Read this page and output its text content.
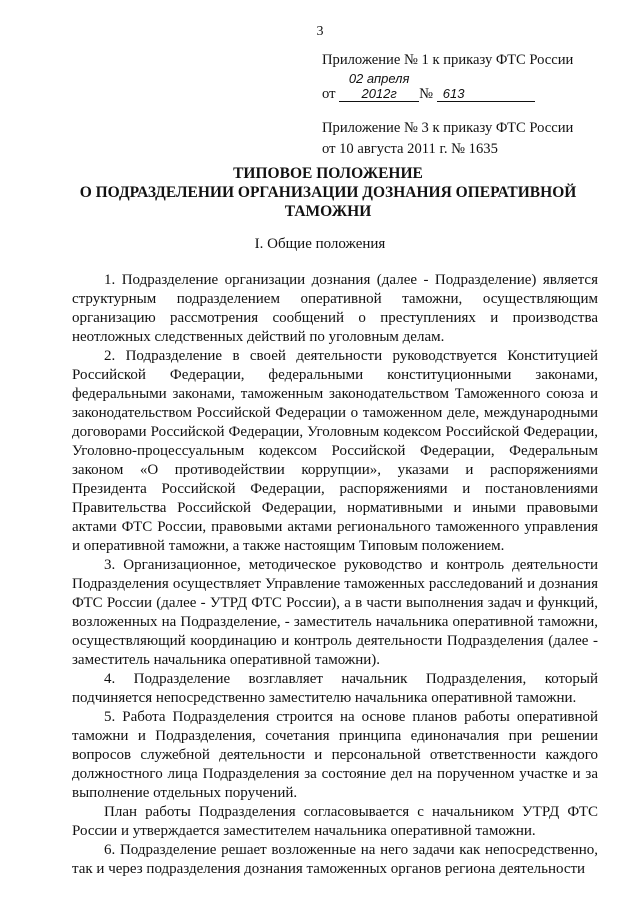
3
Приложение № 1 к приказу ФТС России
от 02 апреля 2012г № 613
Приложение № 3 к приказу ФТС России
от 10 августа 2011 г. № 1635
ТИПОВОЕ ПОЛОЖЕНИЕ
О ПОДРАЗДЕЛЕНИИ ОРГАНИЗАЦИИ ДОЗНАНИЯ ОПЕРАТИВНОЙ
ТАМОЖНИ
I. Общие положения

1. Подразделение организации дознания (далее - Подразделение) является структурным подразделением оперативной таможни, осуществляющим организацию рассмотрения сообщений о преступлениях и производства неотложных следственных действий по уголовным делам.

2. Подразделение в своей деятельности руководствуется Конституцией Российской Федерации, федеральными конституционными законами, федеральными законами, таможенным законодательством Таможенного союза и законодательством Российской Федерации о таможенном деле, международными договорами Российской Федерации, Уголовным кодексом Российской Федерации, Уголовно-процессуальным кодексом Российской Федерации, Федеральным законом «О противодействии коррупции», указами и распоряжениями Президента Российской Федерации, распоряжениями и постановлениями Правительства Российской Федерации, нормативными и иными правовыми актами ФТС России, правовыми актами регионального таможенного управления и оперативной таможни, а также настоящим Типовым положением.

3. Организационное, методическое руководство и контроль деятельности Подразделения осуществляет Управление таможенных расследований и дознания ФТС России (далее - УТРД ФТС России), а в части выполнения задач и функций, возложенных на Подразделение, - заместитель начальника оперативной таможни, осуществляющий координацию и контроль деятельности Подразделения (далее - заместитель начальника оперативной таможни).

4. Подразделение возглавляет начальник Подразделения, который подчиняется непосредственно заместителю начальника оперативной таможни.

5. Работа Подразделения строится на основе планов работы оперативной таможни и Подразделения, сочетания принципа единоначалия при решении вопросов служебной деятельности и персональной ответственности каждого должностного лица Подразделения за состояние дел на порученном участке и за выполнение отдельных поручений.

План работы Подразделения согласовывается с начальником УТРД ФТС России и утверждается заместителем начальника оперативной таможни.

6. Подразделение решает возложенные на него задачи как непосредственно, так и через подразделения дознания таможенных органов региона деятельности
